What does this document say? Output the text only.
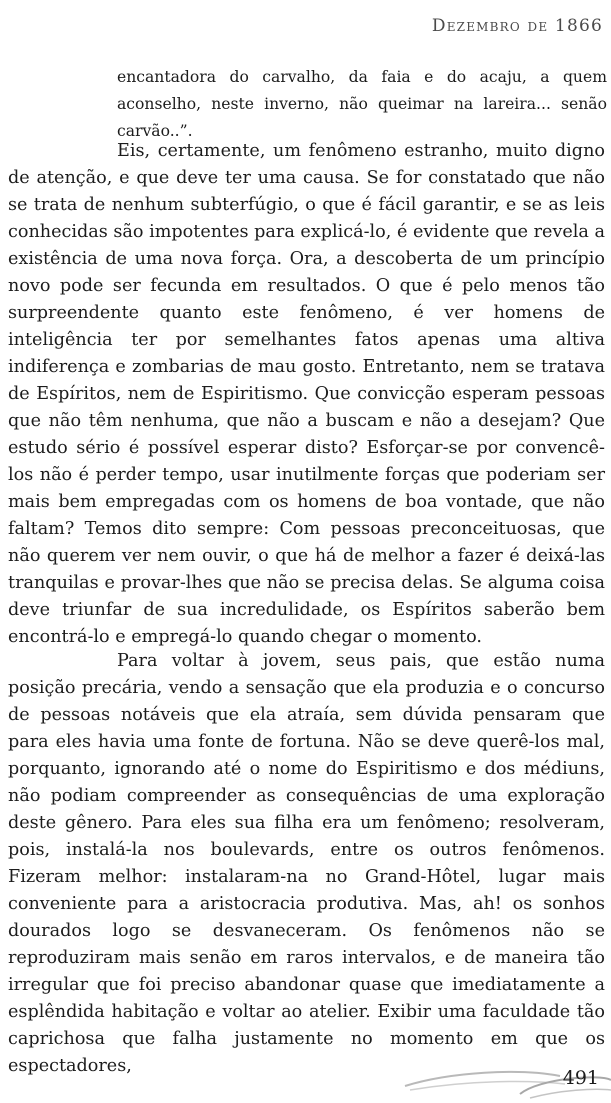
Dezembro de 1866
encantadora do carvalho, da faia e do acaju, a quem aconselho, neste inverno, não queimar na lareira... senão carvão..”.

Eis, certamente, um fenômeno estranho, muito digno de atenção, e que deve ter uma causa. Se for constatado que não se trata de nenhum subterfúgio, o que é fácil garantir, e se as leis conhecidas são impotentes para explicá-lo, é evidente que revela a existência de uma nova força. Ora, a descoberta de um princípio novo pode ser fecunda em resultados. O que é pelo menos tão surpreendente quanto este fenômeno, é ver homens de inteligência ter por semelhantes fatos apenas uma altiva indiferença e zombarias de mau gosto. Entretanto, nem se tratava de Espíritos, nem de Espiritismo. Que convicção esperam pessoas que não têm nenhuma, que não a buscam e não a desejam? Que estudo sério é possível esperar disto? Esforçar-se por convencê-los não é perder tempo, usar inutilmente forças que poderiam ser mais bem empregadas com os homens de boa vontade, que não faltam? Temos dito sempre: Com pessoas preconceituosas, que não querem ver nem ouvir, o que há de melhor a fazer é deixá-las tranquilas e provar-lhes que não se precisa delas. Se alguma coisa deve triunfar de sua incredulidade, os Espíritos saberão bem encontrá-lo e empregá-lo quando chegar o momento.

Para voltar à jovem, seus pais, que estão numa posição precária, vendo a sensação que ela produzia e o concurso de pessoas notáveis que ela atraía, sem dúvida pensaram que para eles havia uma fonte de fortuna. Não se deve querê-los mal, porquanto, ignorando até o nome do Espiritismo e dos médiuns, não podiam compreender as consequências de uma exploração deste gênero. Para eles sua filha era um fenômeno; resolveram, pois, instalá-la nos boulevards, entre os outros fenômenos. Fizeram melhor: instalaram-na no Grand-Hôtel, lugar mais conveniente para a aristocracia produtiva. Mas, ah! os sonhos dourados logo se desvaneceram. Os fenômenos não se reproduziram mais senão em raros intervalos, e de maneira tão irregular que foi preciso abandonar quase que imediatamente a esplêndida habitação e voltar ao atelier. Exibir uma faculdade tão caprichosa que falha justamente no momento em que os espectadores,

491
